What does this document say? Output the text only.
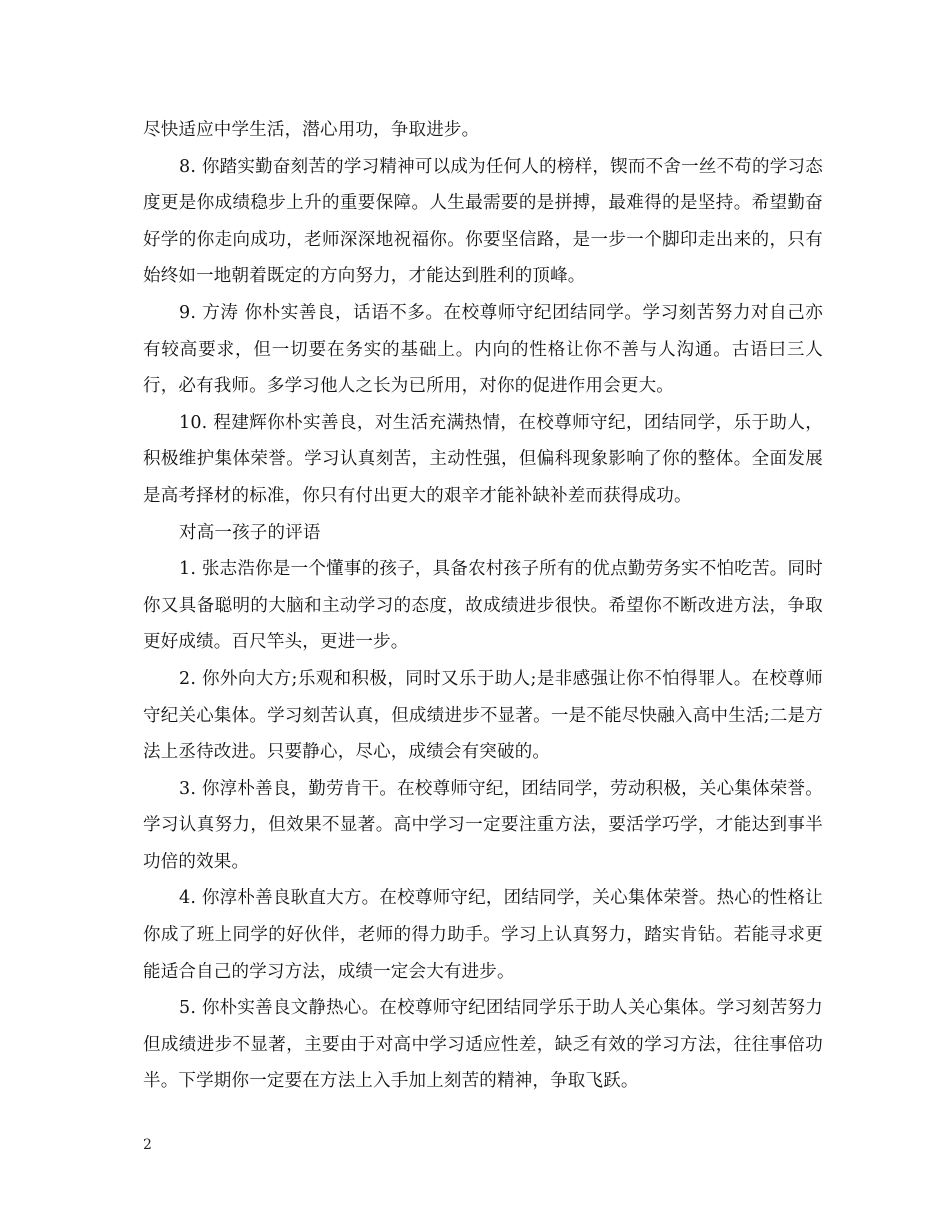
尽快适应中学生活，潜心用功，争取进步。

8. 你踏实勤奋刻苦的学习精神可以成为任何人的榜样，锲而不舍一丝不苟的学习态度更是你成绩稳步上升的重要保障。人生最需要的是拼搏，最难得的是坚持。希望勤奋好学的你走向成功，老师深深地祝福你。你要坚信路，是一步一个脚印走出来的，只有始终如一地朝着既定的方向努力，才能达到胜利的顶峰。

9. 方涛 你朴实善良，话语不多。在校尊师守纪团结同学。学习刻苦努力对自己亦有较高要求，但一切要在务实的基础上。内向的性格让你不善与人沟通。古语曰三人行，必有我师。多学习他人之长为已所用，对你的促进作用会更大。

10. 程建辉你朴实善良，对生活充满热情，在校尊师守纪，团结同学，乐于助人，积极维护集体荣誉。学习认真刻苦，主动性强，但偏科现象影响了你的整体。全面发展是高考择材的标准，你只有付出更大的艰辛才能补缺补差而获得成功。

对高一孩子的评语

1. 张志浩你是一个懂事的孩子，具备农村孩子所有的优点勤劳务实不怕吃苦。同时你又具备聪明的大脑和主动学习的态度，故成绩进步很快。希望你不断改进方法，争取更好成绩。百尺竿头，更进一步。

2. 你外向大方;乐观和积极，同时又乐于助人;是非感强让你不怕得罪人。在校尊师守纪关心集体。学习刻苦认真，但成绩进步不显著。一是不能尽快融入高中生活;二是方法上丞待改进。只要静心，尽心，成绩会有突破的。

3. 你淳朴善良，勤劳肯干。在校尊师守纪，团结同学，劳动积极，关心集体荣誉。学习认真努力，但效果不显著。高中学习一定要注重方法，要活学巧学，才能达到事半功倍的效果。

4. 你淳朴善良耿直大方。在校尊师守纪，团结同学，关心集体荣誉。热心的性格让你成了班上同学的好伙伴，老师的得力助手。学习上认真努力，踏实肯钻。若能寻求更能适合自己的学习方法，成绩一定会大有进步。

5. 你朴实善良文静热心。在校尊师守纪团结同学乐于助人关心集体。学习刻苦努力但成绩进步不显著，主要由于对高中学习适应性差，缺乏有效的学习方法，往往事倍功半。下学期你一定要在方法上入手加上刻苦的精神，争取飞跃。

2
